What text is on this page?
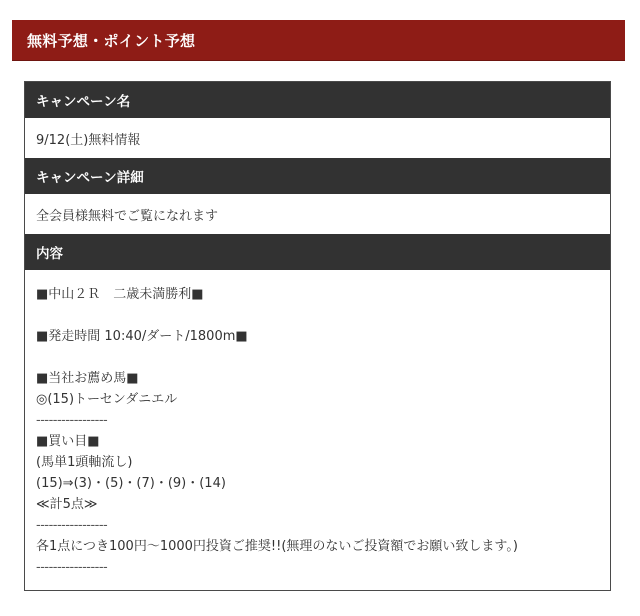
無料予想・ポイント予想
キャンペーン名
9/12(土)無料情報
キャンペーン詳細
全会員様無料でご覧になれます
内容
■中山２Ｒ　二歳未満勝利■
■発走時間 10:40/ダート/1800m■
■当社お薦め馬■
◎(15)トーセンダニエル
-----------------
■買い目■
(馬単1頭軸流し)
(15)⇒(3)・(5)・(7)・(9)・(14)
≪計5点≫
-----------------
各1点につき100円～1000円投資ご推奨!!(無理のないご投資額でお願い致します。)
-----------------
